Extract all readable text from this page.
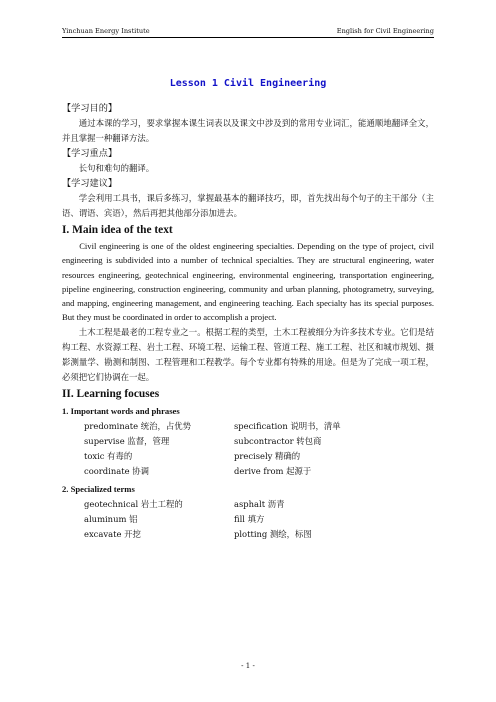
Yinchuan Energy Institute	English for Civil Engineering
Lesson 1 Civil Engineering
【学习目的】

通过本课的学习，要求掌握本课生词表以及课文中涉及到的常用专业词汇，能通顺地翻译全文，并且掌握一种翻译方法。

【学习重点】

长句和难句的翻译。

【学习建议】

学会利用工具书，课后多练习，掌握最基本的翻译技巧，即，首先找出每个句子的主干部分（主语、谓语、宾语），然后再把其他部分添加进去。

I. Main idea of the text

Civil engineering is one of the oldest engineering specialties. Depending on the type of project, civil engineering is subdivided into a number of technical specialties. They are structural engineering, water resources engineering, geotechnical engineering, environmental engineering, transportation engineering, pipeline engineering, construction engineering, community and urban planning, photogrametry, surveying, and mapping, engineering management, and engineering teaching. Each specialty has its special purposes. But they must be coordinated in order to accomplish a project.

土木工程是最老的工程专业之一。根据工程的类型，土木工程被细分为许多技术专业。它们是结构工程、水资源工程、岩土工程、环境工程、运输工程、管道工程、施工工程、社区和城市规划、摄影测量学、勘测和制图、工程管理和工程教学。每个专业都有特殊的用途。但是为了完成一项工程，必须把它们协调在一起。

II. Learning focuses
1. Important words and phrases
predominate 统治，占优势	specification 说明书，清单
supervise 监督，管理	subcontractor 转包商
toxic 有毒的	precisely 精确的
coordinate 协调	derive from 起源于
2. Specialized terms
geotechnical 岩土工程的	asphalt 沥青
aluminum 铝	fill 填方
excavate 开挖	plotting 测绘，标图
- 1 -
